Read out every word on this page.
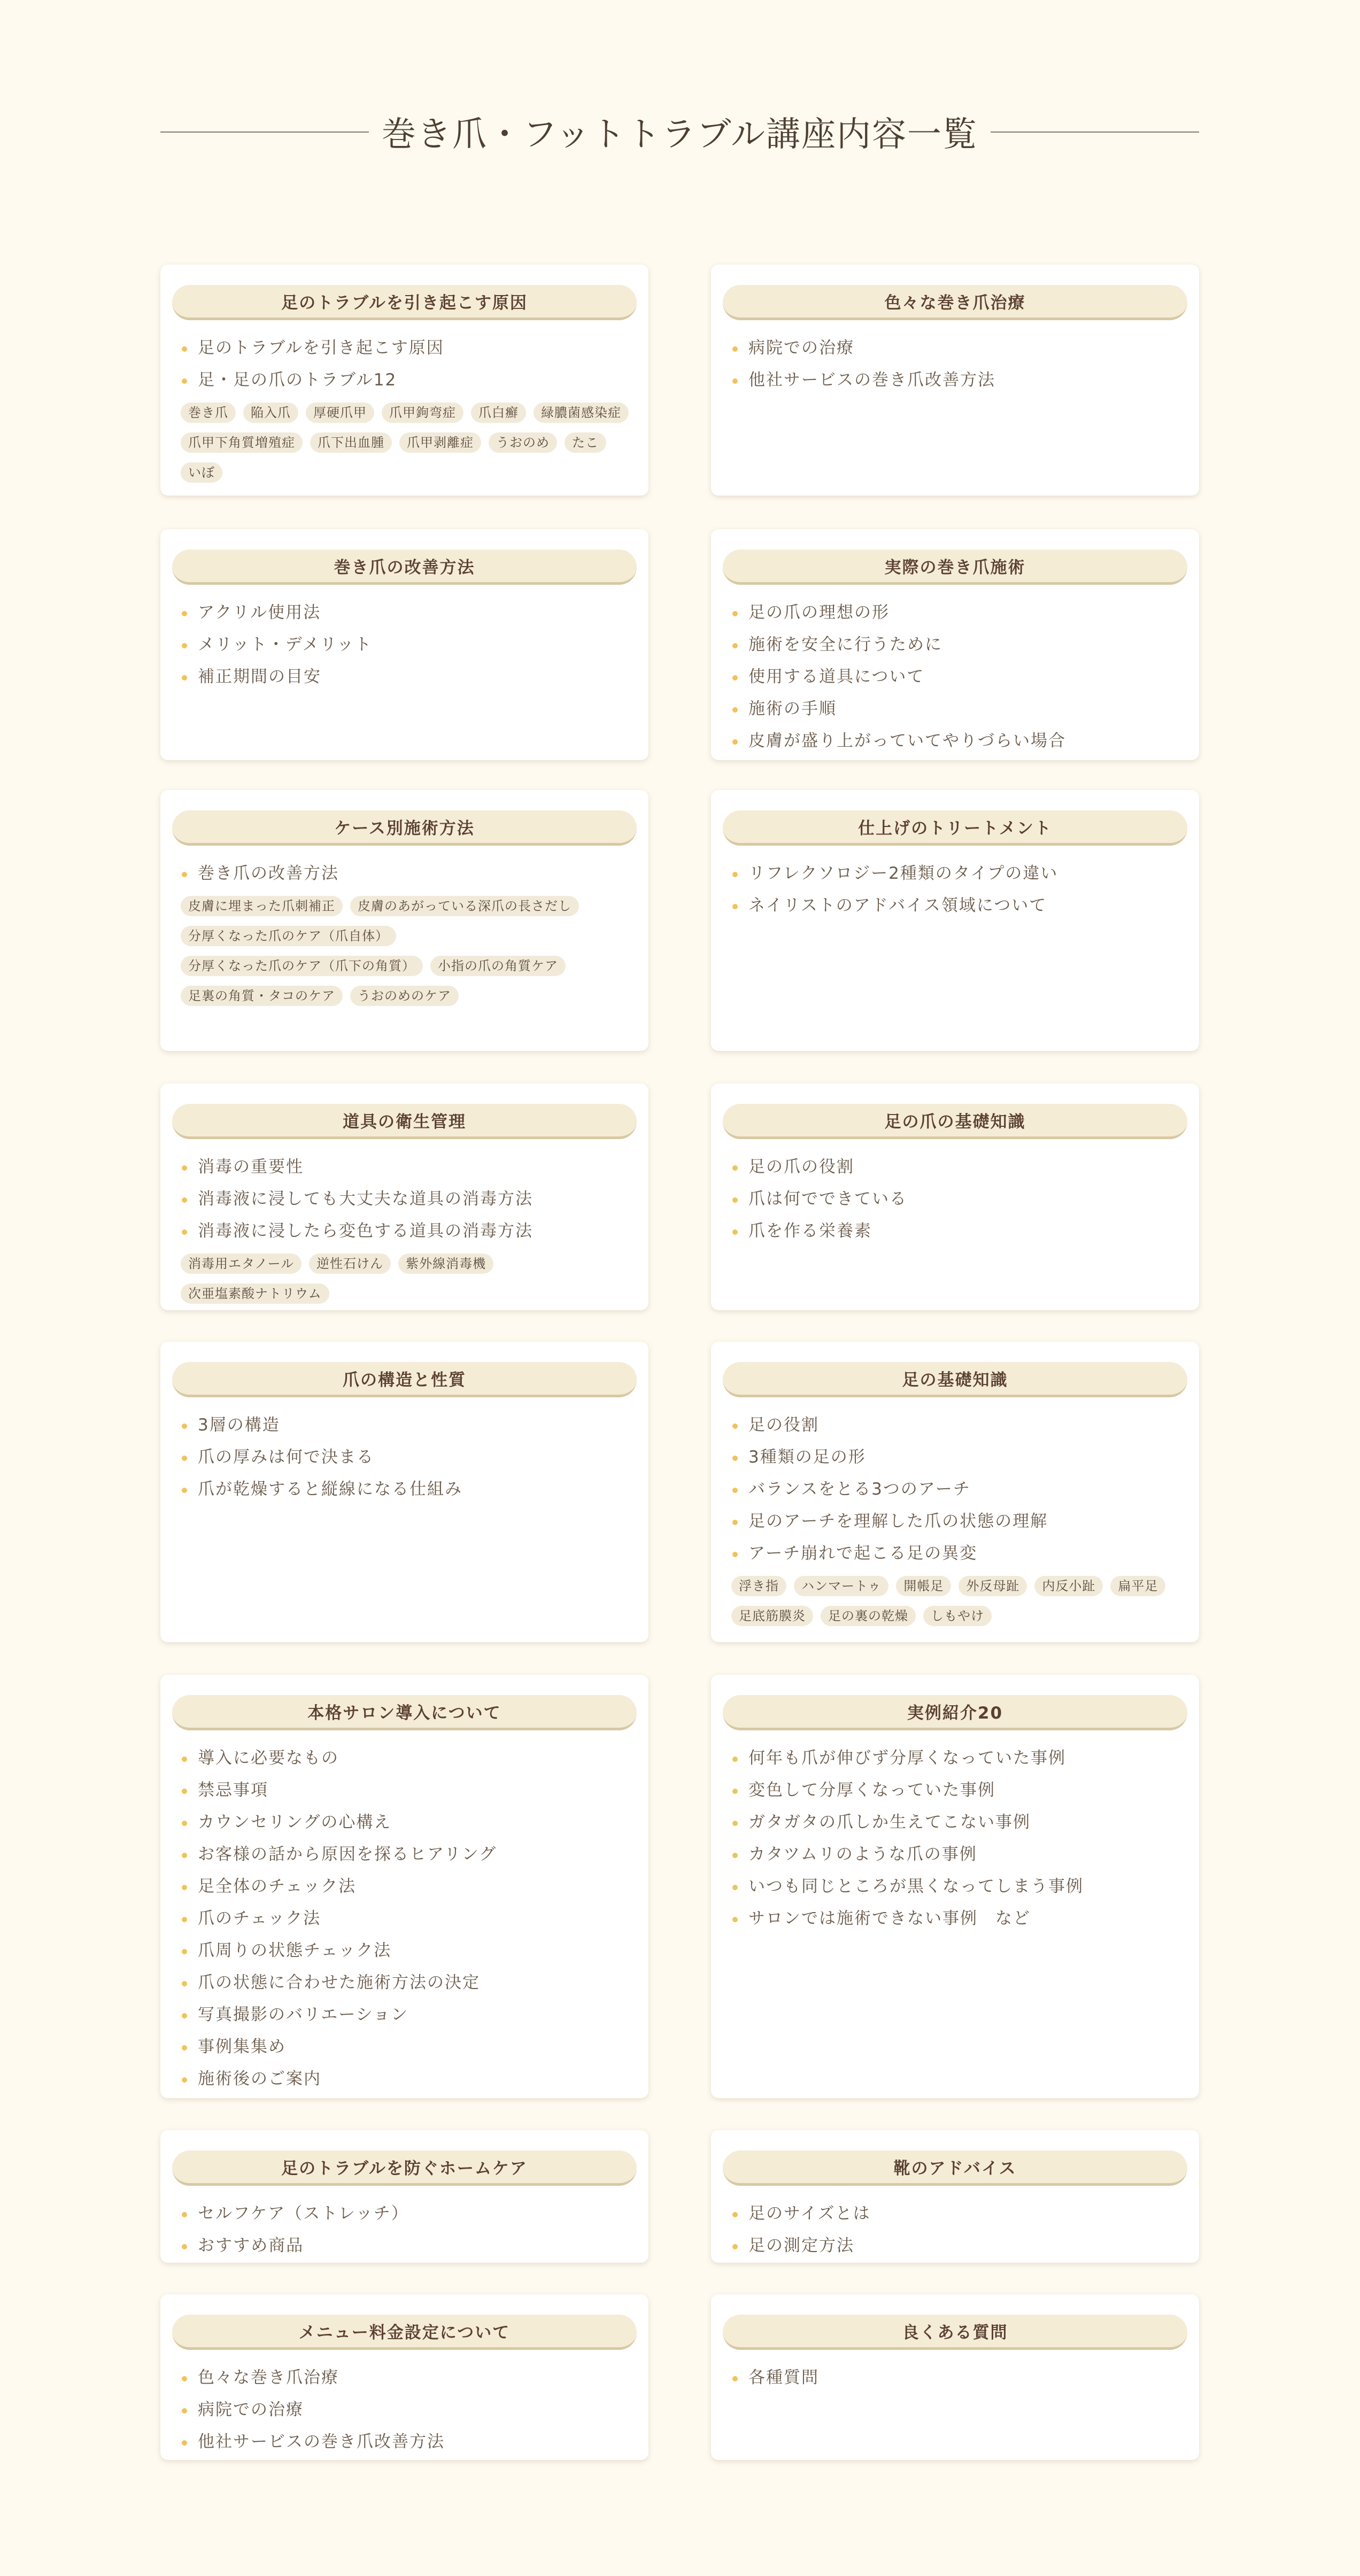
巻き爪・フットトラブル講座内容一覧
足のトラブルを引き起こす原因
足のトラブルを引き起こす原因
足・足の爪のトラブル12
巻き爪	陥入爪	厚硬爪甲	爪甲鉤弯症	爪白癬	緑膿菌感染症
爪甲下角質増殖症	爪下出血腫	爪甲剥離症	うおのめ	たこ
いぼ
色々な巻き爪治療
病院での治療
他社サービスの巻き爪改善方法
巻き爪の改善方法
アクリル使用法
メリット・デメリット
補正期間の目安
実際の巻き爪施術
足の爪の理想の形
施術を安全に行うために
使用する道具について
施術の手順
皮膚が盛り上がっていてやりづらい場合
ケース別施術方法
巻き爪の改善方法
皮膚に埋まった爪刺補正	皮膚のあがっている深爪の長さだし
分厚くなった爪のケア（爪自体）
分厚くなった爪のケア（爪下の角質）	小指の爪の角質ケア
足裏の角質・タコのケア	うおのめのケア
仕上げのトリートメント
リフレクソロジー2種類のタイプの違い
ネイリストのアドバイス領域について
道具の衛生管理
消毒の重要性
消毒液に浸しても大丈夫な道具の消毒方法
消毒液に浸したら変色する道具の消毒方法
消毒用エタノール	逆性石けん	紫外線消毒機
次亜塩素酸ナトリウム
足の爪の基礎知識
足の爪の役割
爪は何でできている
爪を作る栄養素
爪の構造と性質
3層の構造
爪の厚みは何で決まる
爪が乾燥すると縦線になる仕組み
足の基礎知識
足の役割
3種類の足の形
バランスをとる3つのアーチ
足のアーチを理解した爪の状態の理解
アーチ崩れで起こる足の異変
浮き指	ハンマートゥ	開帳足	外反母趾	内反小趾	扁平足
足底筋膜炎	足の裏の乾燥	しもやけ
本格サロン導入について
導入に必要なもの
禁忌事項
カウンセリングの心構え
お客様の話から原因を探るヒアリング
足全体のチェック法
爪のチェック法
爪周りの状態チェック法
爪の状態に合わせた施術方法の決定
写真撮影のバリエーション
事例集集め
施術後のご案内
実例紹介20
何年も爪が伸びず分厚くなっていた事例
変色して分厚くなっていた事例
ガタガタの爪しか生えてこない事例
カタツムリのような爪の事例
いつも同じところが黒くなってしまう事例
サロンでは施術できない事例　など
足のトラブルを防ぐホームケア
セルフケア（ストレッチ）
おすすめ商品
靴のアドバイス
足のサイズとは
足の測定方法
メニュー料金設定について
色々な巻き爪治療
病院での治療
他社サービスの巻き爪改善方法
良くある質問
各種質問
